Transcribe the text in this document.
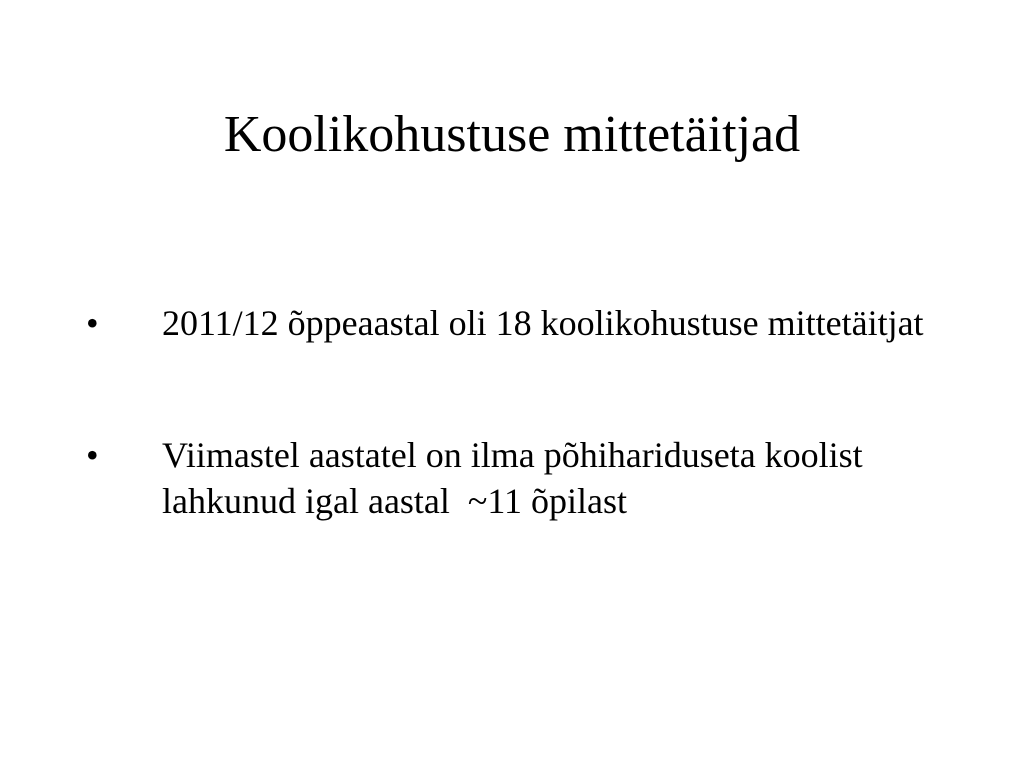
Koolikohustuse mittetäitjad
• 2011/12 õppeaastal oli 18 koolikohustuse mittetäitjat
• Viimastel aastatel on ilma põhihariduseta koolist lahkunud igal aastal  ~11 õpilast
